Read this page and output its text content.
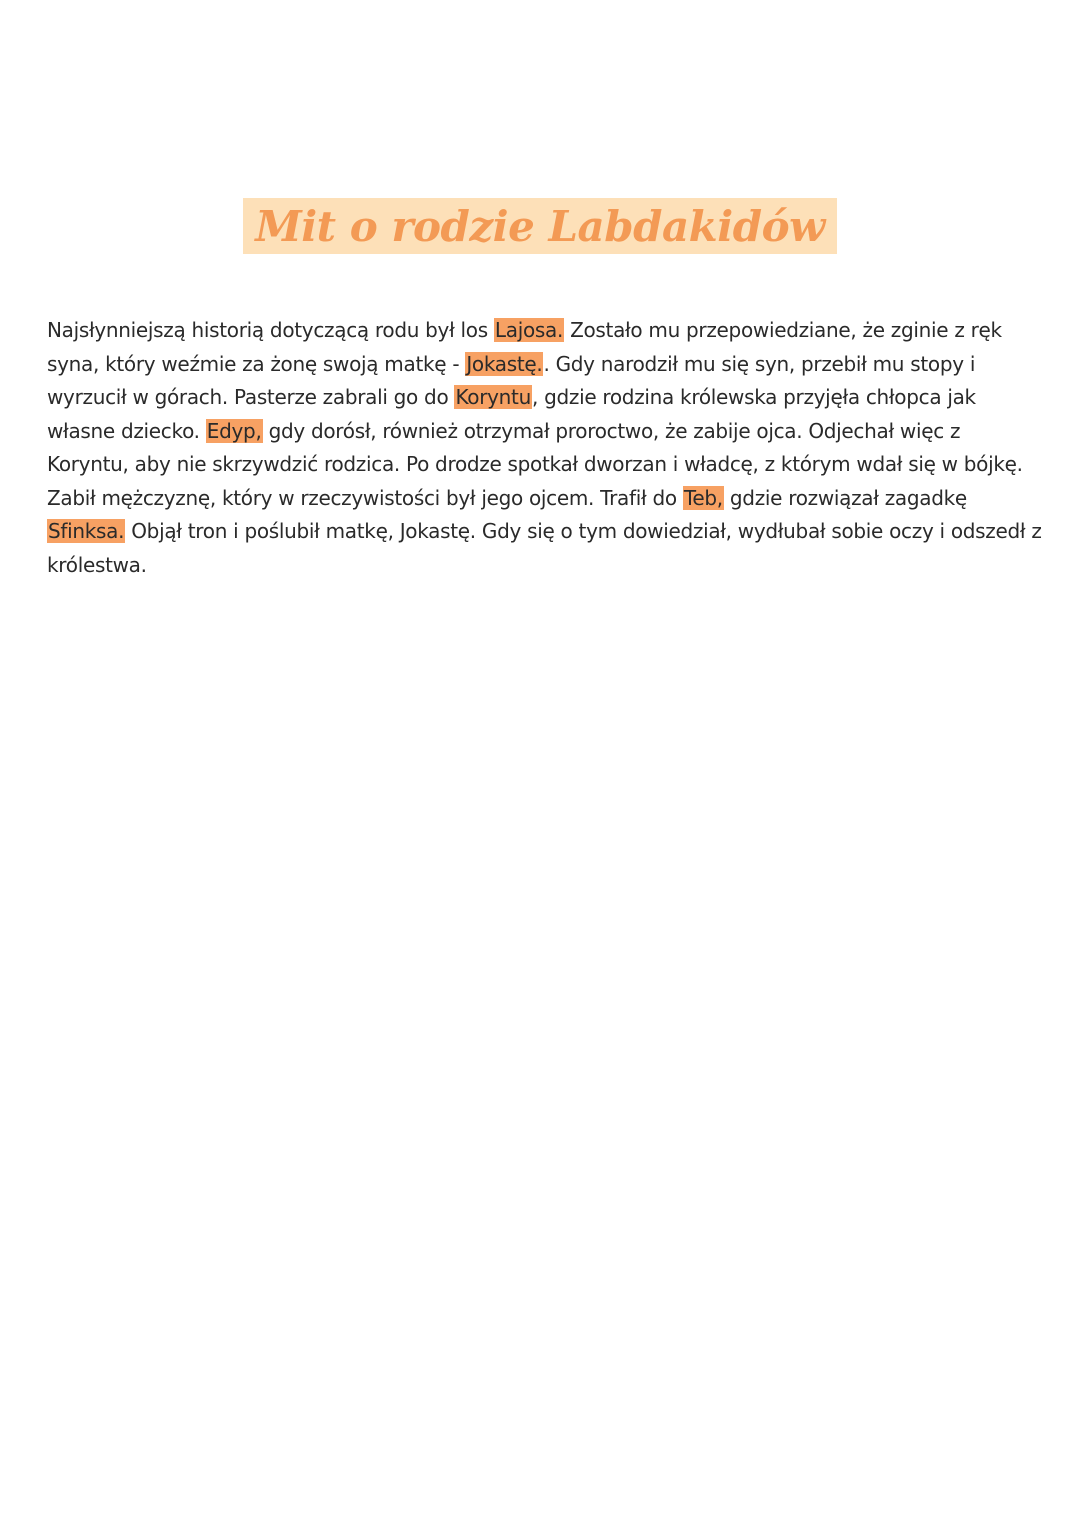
Mit o rodzie Labdakidów

Najsłynniejszą historią dotyczącą rodu był los Lajosa. Zostało mu przepowiedziane, że zginie z ręk syna, który weźmie za żonę swoją matkę - Jokastę.. Gdy narodził mu się syn, przebił mu stopy i wyrzucił w górach. Pasterze zabrali go do Koryntu, gdzie rodzina królewska przyjęła chłopca jak własne dziecko. Edyp, gdy dorósł, również otrzymał proroctwo, że zabije ojca. Odjechał więc z Koryntu, aby nie skrzywdzić rodzica. Po drodze spotkał dworzan i władcę, z którym wdał się w bójkę. Zabił mężczyznę, który w rzeczywistości był jego ojcem. Trafił do Teb, gdzie rozwiązał zagadkę Sfinksa. Objął tron i poślubił matkę, Jokastę. Gdy się o tym dowiedział, wydłubał sobie oczy i odszedł z królestwa.
